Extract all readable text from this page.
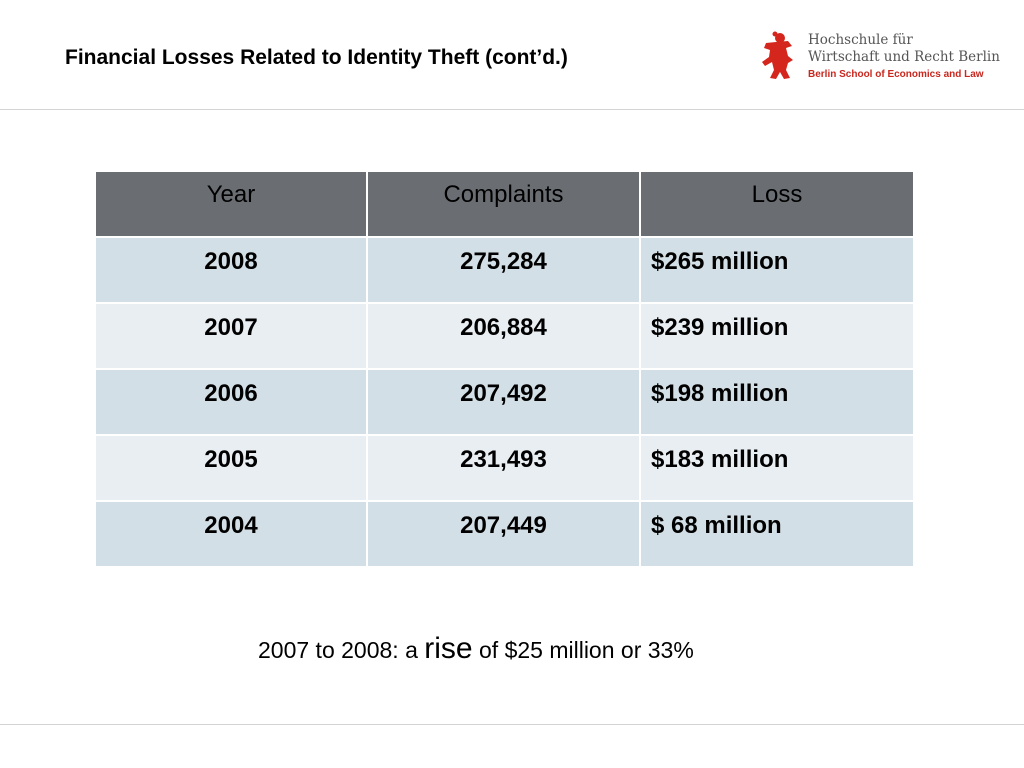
Financial Losses Related to Identity Theft (cont’d.)
Hochschule für
Wirtschaft und Recht Berlin
Berlin School of Economics and Law
Year	Complaints	Loss
2008	275,284	$265 million
2007	206,884	$239 million
2006	207,492	$198 million
2005	231,493	$183 million
2004	207,449	$ 68 million
2007 to 2008: a rise of $25 million or 33%
